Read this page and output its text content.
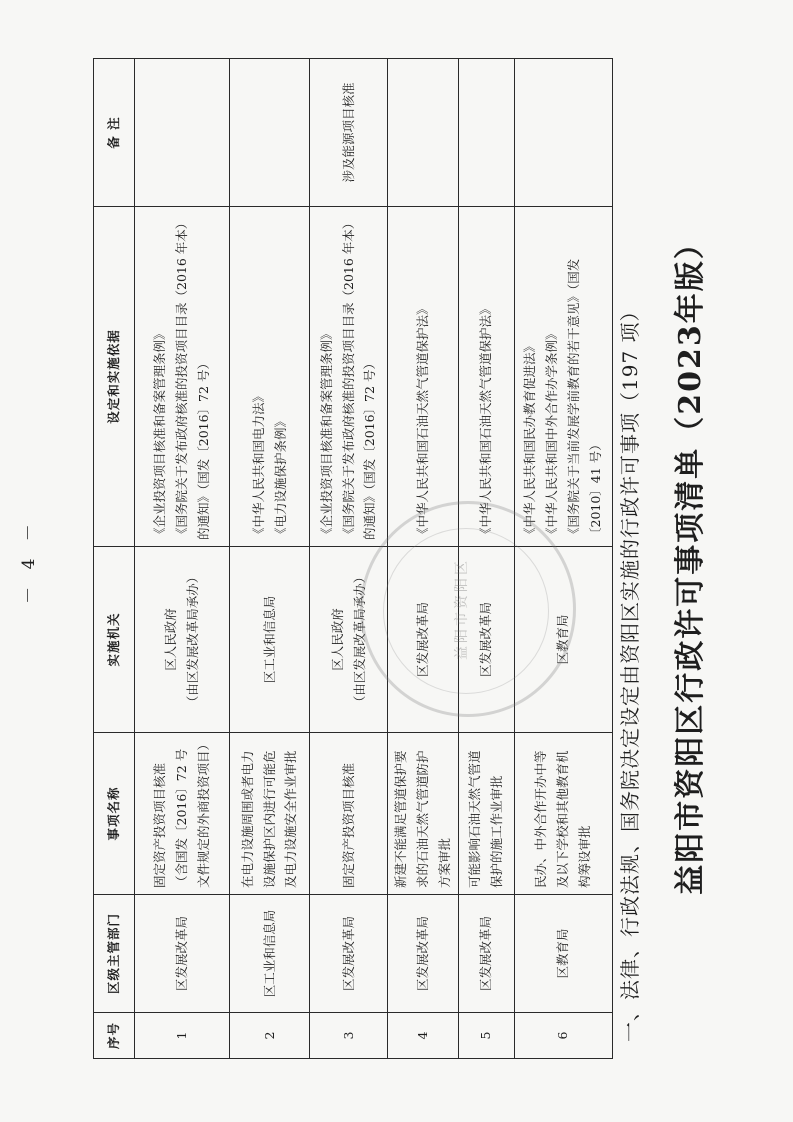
益阳市资阳区行政许可事项清单（2023年版）
一、法律、行政法规、国务院决定设定由资阳区实施的行政许可事项（197 项）
序号	区级主管部门	事项名称	实施机关	设定和实施依据	备 注
1	区发展改革局	固定资产投资项目核准（含国发〔2016〕72 号文件规定的外商投资项目）	区人民政府 （由区发展改革局承办）	《企业投资项目核准和备案管理条例》 《国务院关于发布政府核准的投资项目目录（2016 年本）的通知》（国发〔2016〕72 号）	

2	区工业和信息局	在电力设施周围或者电力设施保护区内进行可能危及电力设施安全作业审批	区工业和信息局	《中华人民共和国电力法》 《电力设施保护条例》	

3	区发展改革局	固定资产投资项目核准	区人民政府 （由区发展改革局承办）	《企业投资项目核准和备案管理条例》 《国务院关于发布政府核准的投资项目目录（2016 年本）的通知》（国发〔2016〕72 号）	涉及能源项目核准
4	区发展改革局	新建不能满足管道保护要求的石油天然气管道防护方案审批	区发展改革局	《中华人民共和国石油天然气管道保护法》	

5	区发展改革局	可能影响石油天然气管道保护的施工作业审批	区发展改革局	《中华人民共和国石油天然气管道保护法》	

6	区教育局	民办、中外合作开办中等及以下学校和其他教育机构筹设审批	区教育局	《中华人民共和国民办教育促进法》 《中华人民共和国中外合作办学条例》 《国务院关于当前发展学前教育的若干意见》（国发〔2010〕41 号）	

益阳市资阳区
－ 4 －
